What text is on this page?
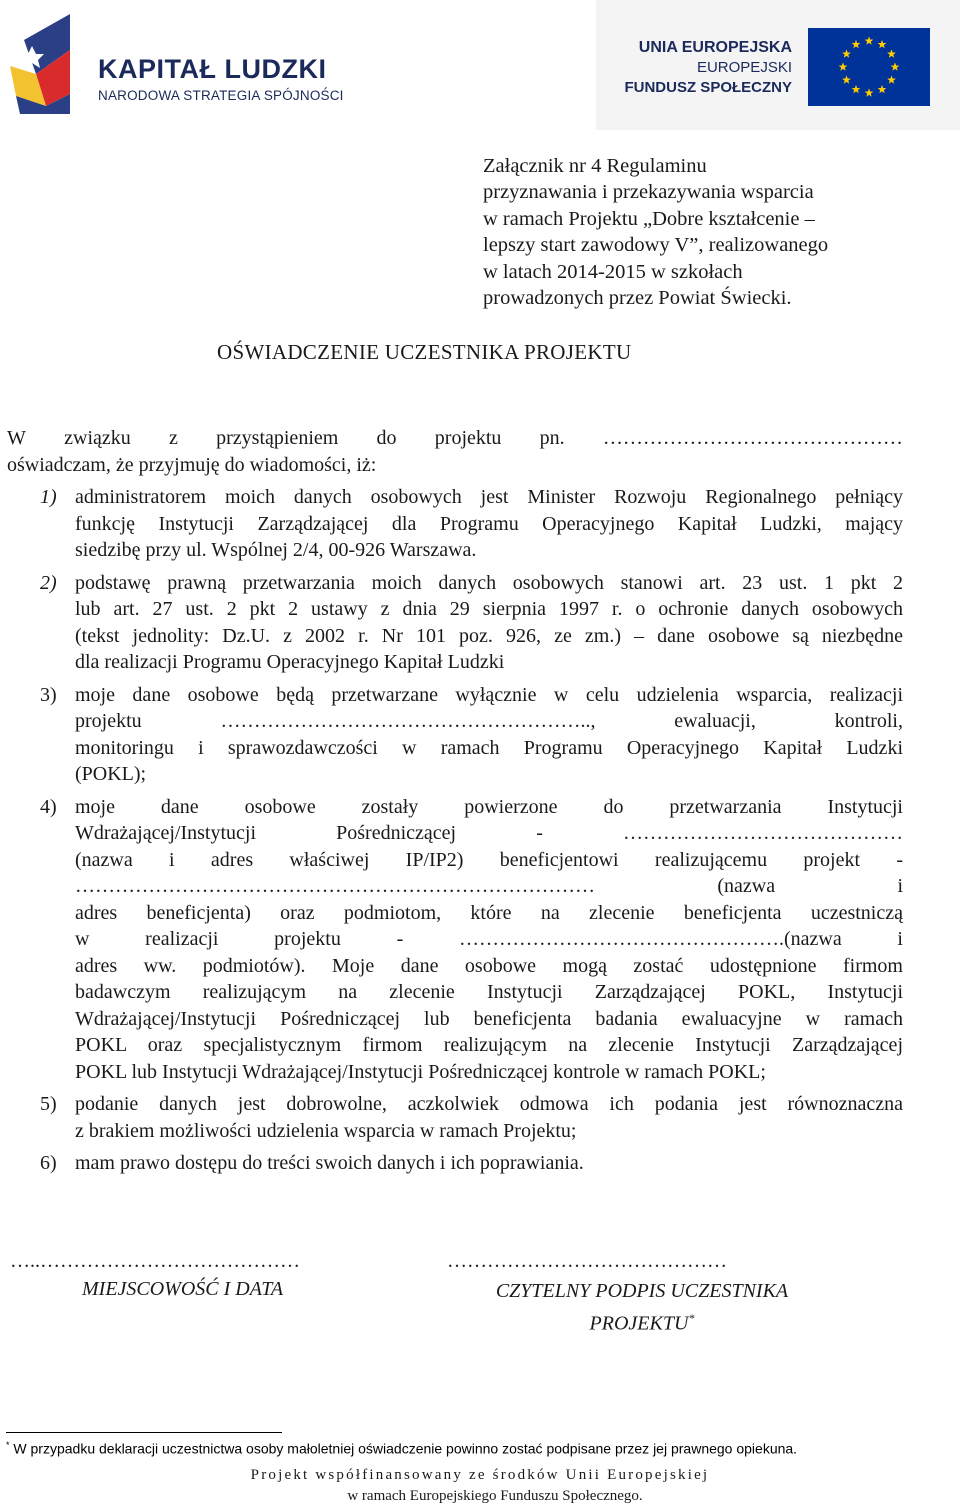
KAPITAŁ LUDZKI
NARODOWA STRATEGIA SPÓJNOŚCI
UNIA EUROPEJSKA
EUROPEJSKI
FUNDUSZ SPOŁECZNY
Załącznik nr 4 Regulaminu
przyznawania i przekazywania wsparcia
w ramach Projektu „Dobre kształcenie –
lepszy start zawodowy V”, realizowanego
w latach 2014-2015 w szkołach
prowadzonych przez Powiat Świecki.
OŚWIADCZENIE UCZESTNIKA PROJEKTU
W związku z przystąpieniem do projektu pn. ………………………………………
oświadczam, że przyjmuję do wiadomości, iż:
1) administratorem moich danych osobowych jest Minister Rozwoju Regionalnego pełniący
funkcję Instytucji Zarządzającej dla Programu Operacyjnego Kapitał Ludzki, mający
siedzibę przy ul. Wspólnej 2/4, 00-926 Warszawa.
2) podstawę prawną przetwarzania moich danych osobowych stanowi art. 23 ust. 1 pkt 2
lub art. 27 ust. 2 pkt 2 ustawy z dnia 29 sierpnia 1997 r. o ochronie danych osobowych
(tekst jednolity: Dz.U. z 2002 r. Nr 101 poz. 926, ze zm.) – dane osobowe są niezbędne
dla realizacji Programu Operacyjnego Kapitał Ludzki
3) moje dane osobowe będą przetwarzane wyłącznie w celu udzielenia wsparcia, realizacji
projektu ……………………………………………….., ewaluacji, kontroli,
monitoringu i sprawozdawczości w ramach Programu Operacyjnego Kapitał Ludzki
(POKL);
4) moje dane osobowe zostały powierzone do przetwarzania Instytucji
Wdrażającej/Instytucji Pośredniczącej - ……………………………………
(nazwa i adres właściwej IP/IP2) beneficjentowi realizującemu projekt -
…………………………………………………………………… (nazwa i
adres beneficjenta) oraz podmiotom, które na zlecenie beneficjenta uczestniczą
w realizacji projektu - ………………………………………….(nazwa i
adres ww. podmiotów). Moje dane osobowe mogą zostać udostępnione firmom
badawczym realizującym na zlecenie Instytucji Zarządzającej POKL, Instytucji
Wdrażającej/Instytucji Pośredniczącej lub beneficjenta badania ewaluacyjne w ramach
POKL oraz specjalistycznym firmom realizującym na zlecenie Instytucji Zarządzającej
POKL lub Instytucji Wdrażającej/Instytucji Pośredniczącej kontrole w ramach POKL;
5) podanie danych jest dobrowolne, aczkolwiek odmowa ich podania jest równoznaczna
z brakiem możliwości udzielenia wsparcia w ramach Projektu;
6) mam prawo dostępu do treści swoich danych i ich poprawiania.
…..…………………………………	……………………………………
MIEJSCOWOŚĆ I DATA	CZYTELNY PODPIS UCZESTNIKA
PROJEKTU*
* W przypadku deklaracji uczestnictwa osoby małoletniej oświadczenie powinno zostać podpisane przez jej prawnego opiekuna.
Projekt współfinansowany ze środków Unii Europejskiej
w ramach Europejskiego Funduszu Społecznego.
